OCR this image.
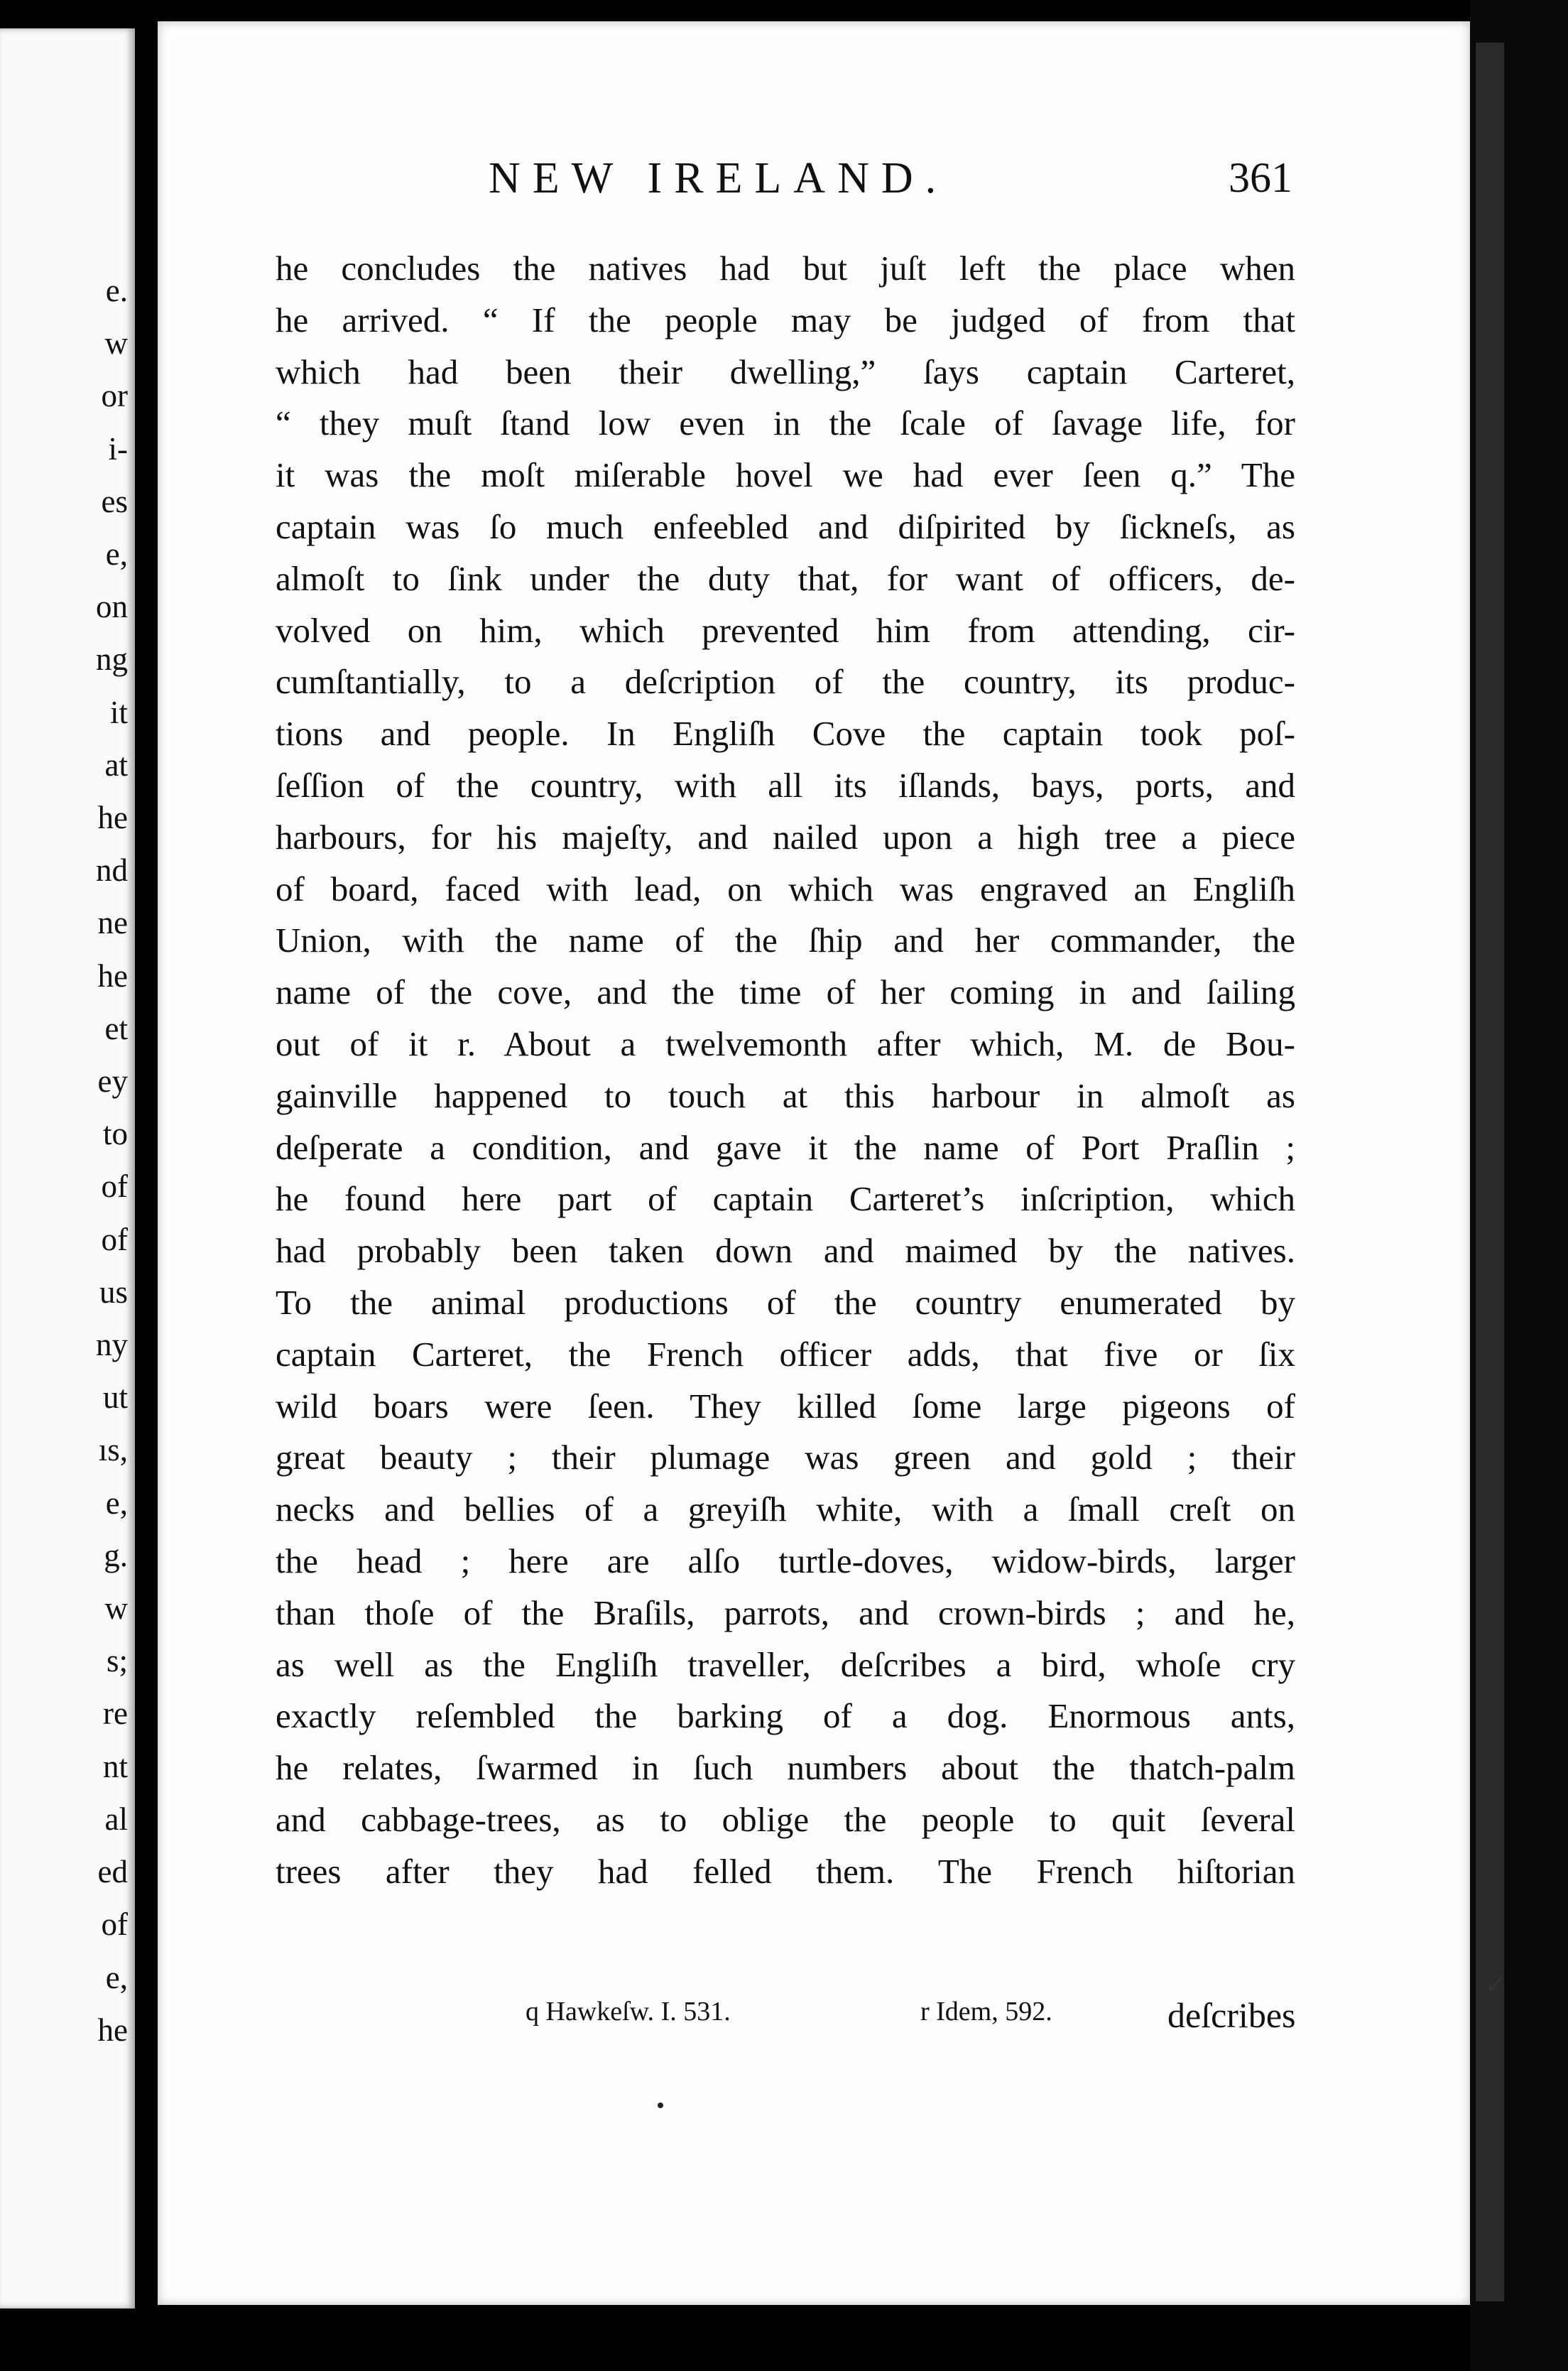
e.
w
or
i-
es
e,
on
ng
it
at
he
nd
ne
he
et
ey
to
of
of
us
ny
ut
ıs,
e,
g.
w
s;
re
nt
al
ed
of
e,
he
NEW IRELAND.	361
he concludes the natives had but juſt left the place when
he arrived. “ If the people may be judged of from that
which had been their dwelling,” ſays captain Carteret,
“ they muſt ſtand low even in the ſcale of ſavage life, for
it was the moſt miſerable hovel we had ever ſeen q.” The
captain was ſo much enfeebled and diſpirited by ſickneſs, as
almoſt to ſink under the duty that, for want of officers, de-
volved on him, which prevented him from attending, cir-
cumſtantially, to a deſcription of the country, its produc-
tions and people. In Engliſh Cove the captain took poſ-
ſeſſion of the country, with all its iſlands, bays, ports, and
harbours, for his majeſty, and nailed upon a high tree a piece
of board, faced with lead, on which was engraved an Engliſh
Union, with the name of the ſhip and her commander, the
name of the cove, and the time of her coming in and ſailing
out of it r. About a twelvemonth after which, M. de Bou-
gainville happened to touch at this harbour in almoſt as
deſperate a condition, and gave it the name of Port Praſlin ;
he found here part of captain Carteret’s inſcription, which
had probably been taken down and maimed by the natives.
To the animal productions of the country enumerated by
captain Carteret, the French officer adds, that five or ſix
wild boars were ſeen. They killed ſome large pigeons of
great beauty ; their plumage was green and gold ; their
necks and bellies of a greyiſh white, with a ſmall creſt on
the head ; here are alſo turtle-doves, widow-birds, larger
than thoſe of the Braſils, parrots, and crown-birds ; and he,
as well as the Engliſh traveller, deſcribes a bird, whoſe cry
exactly reſembled the barking of a dog. Enormous ants,
he relates, ſwarmed in ſuch numbers about the thatch-palm
and cabbage-trees, as to oblige the people to quit ſeveral
trees after they had felled them. The French hiſtorian
q Hawkeſw. I. 531.	r Idem, 592.	deſcribes
✓
